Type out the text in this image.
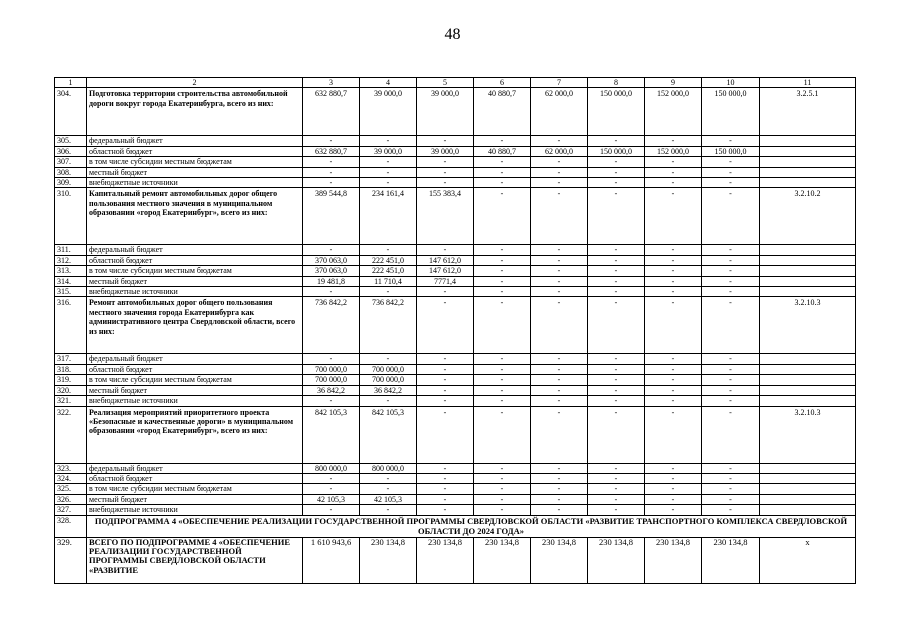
48
1	2	3	4	5	6	7	8	9	10	11
304.	Подготовка территории строительства автомобильной дороги вокруг города Екатеринбурга, всего из них:	632 880,7	39 000,0	39 000,0	40 880,7	62 000,0	150 000,0	152 000,0	150 000,0	3.2.5.1
305.	федеральный бюджет	-	-	-	-	-	-	-	-	
306.	областной бюджет	632 880,7	39 000,0	39 000,0	40 880,7	62 000,0	150 000,0	152 000,0	150 000,0	
307.	в том числе субсидии местным бюджетам	-	-	-	-	-	-	-	-	
308.	местный бюджет	-	-	-	-	-	-	-	-	
309.	внебюджетные источники	-	-	-	-	-	-	-	-	
310.	Капитальный ремонт автомобильных дорог общего пользования местного значения в муниципальном образовании «город Екатеринбург», всего из них:	389 544,8	234 161,4	155 383,4	-	-	-	-	-	3.2.10.2
311.	федеральный бюджет	-	-	-	-	-	-	-	-	
312.	областной бюджет	370 063,0	222 451,0	147 612,0	-	-	-	-	-	
313.	в том числе субсидии местным бюджетам	370 063,0	222 451,0	147 612,0	-	-	-	-	-	
314.	местный бюджет	19 481,8	11 710,4	7771,4	-	-	-	-	-	
315.	внебюджетные источники	-	-	-	-	-	-	-	-	
316.	Ремонт автомобильных дорог общего пользования местного значения города Екатеринбурга как административного центра Свердловской области, всего из них:	736 842,2	736 842,2	-	-	-	-	-	-	3.2.10.3
317.	федеральный бюджет	-	-	-	-	-	-	-	-	
318.	областной бюджет	700 000,0	700 000,0	-	-	-	-	-	-	
319.	в том числе субсидии местным бюджетам	700 000,0	700 000,0	-	-	-	-	-	-	
320.	местный бюджет	36 842,2	36 842,2	-	-	-	-	-	-	
321.	внебюджетные источники	-	-	-	-	-	-	-	-	
322.	Реализация мероприятий приоритетного проекта «Безопасные и качественные дороги» в муниципальном образовании «город Екатеринбург», всего из них:	842 105,3	842 105,3	-	-	-	-	-	-	3.2.10.3
323.	федеральный бюджет	800 000,0	800 000,0	-	-	-	-	-	-	
324.	областной бюджет	-	-	-	-	-	-	-	-	
325.	в том числе субсидии местным бюджетам	-	-	-	-	-	-	-	-	
326.	местный бюджет	42 105,3	42 105,3	-	-	-	-	-	-	
327.	внебюджетные источники	-	-	-	-	-	-	-	-	
328.	ПОДПРОГРАММА 4 «ОБЕСПЕЧЕНИЕ РЕАЛИЗАЦИИ ГОСУДАРСТВЕННОЙ ПРОГРАММЫ СВЕРДЛОВСКОЙ ОБЛАСТИ «РАЗВИТИЕ ТРАНСПОРТНОГО КОМПЛЕКСА СВЕРДЛОВСКОЙ ОБЛАСТИ ДО 2024 ГОДА»									
329.	ВСЕГО ПО ПОДПРОГРАММЕ 4 «ОБЕСПЕЧЕНИЕ РЕАЛИЗАЦИИ ГОСУДАРСТВЕННОЙ ПРОГРАММЫ СВЕРДЛОВСКОЙ ОБЛАСТИ «РАЗВИТИЕ	1 610 943,6	230 134,8	230 134,8	230 134,8	230 134,8	230 134,8	230 134,8	230 134,8	х
